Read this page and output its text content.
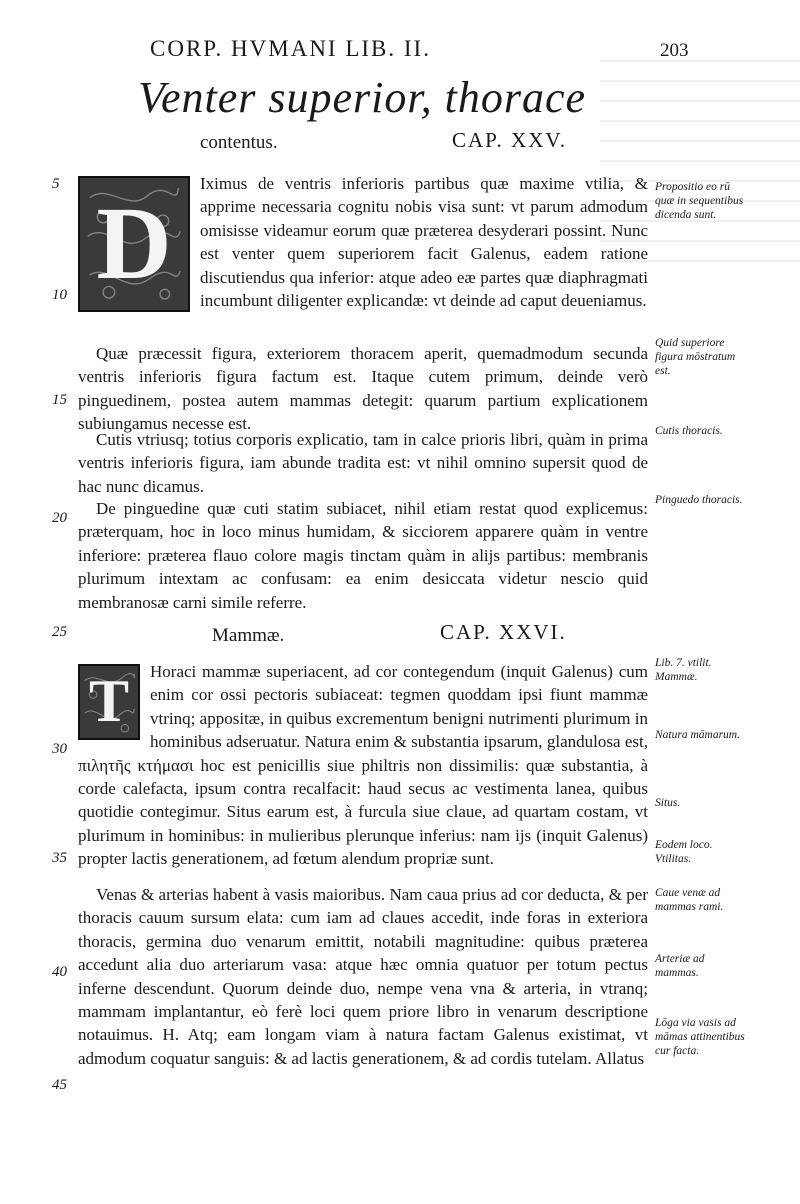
CORP. HVMANI LIB. II.	203
Venter superior, thorace
contentus.	CAP. XXV.

D
Iximus de ventris inferioris partibus quæ maxime vtilia, & apprime necessaria cognitu nobis visa sunt: vt parum admodum omisisse videamur eorum quæ præterea desyderari possint. Nunc est venter quem superiorem facit Galenus, eadem ratione discutiendus qua inferior: atque adeo eæ partes quæ diaphragmati incumbunt diligenter explicandæ: vt deinde ad caput deueniamus.

Quæ præcessit figura, exteriorem thoracem aperit, quemadmodum secunda ventris inferioris figura factum est. Itaque cutem primum, deinde verò pinguedinem, postea autem mammas detegit: quarum partium explicationem subiungamus necesse est.

Cutis vtriusq; totius corporis explicatio, tam in calce prioris libri, quàm in prima ventris inferioris figura, iam abunde tradita est: vt nihil omnino supersit quod de hac nunc dicamus.

De pinguedine quæ cuti statim subiacet, nihil etiam restat quod explicemus: præterquam, hoc in loco minus humidam, & sicciorem apparere quàm in ventre inferiore: præterea flauo colore magis tinctam quàm in alijs partibus: membranis plurimum intextam ac confusam: ea enim desiccata videtur nescio quid membranosæ carni simile referre.

Mammæ.	CAP. XXVI.

T	Horaci mammæ superiacent, ad cor contegendum (inquit Galenus) cum enim cor ossi pectoris subiaceat: tegmen quoddam ipsi fiunt mammæ vtrinq; appositæ, in quibus excrementum benigni nutrimenti plurimum in hominibus adseruatur. Natura enim & substantia ipsarum, glandulosa est, πιλητῆς κτήμασι hoc est penicillis siue philtris non dissimilis: quæ substantia, à corde calefacta, ipsum contra recalfacit: haud secus ac vestimenta lanea, quibus quotidie contegimur. Situs earum est, à furcula siue claue, ad quartam costam, vt plurimum in hominibus: in mulieribus plerunque inferius: nam ijs (inquit Galenus) propter lactis generationem, ad fœtum alendum propriæ sunt.

Venas & arterias habent à vasis maioribus. Nam caua prius ad cor deducta, & per thoracis cauum sursum elata: cum iam ad claues accedit, inde foras in exteriora thoracis, germina duo venarum emittit, notabili magnitudine: quibus præterea accedunt alia duo arteriarum vasa: atque hæc omnia quatuor per totum pectus inferne descendunt. Quorum deinde duo, nempe vena vna & arteria, in vtranq; mammam implantantur, eò ferè loci quem priore libro in venarum descriptione notauimus. H. Atq; eam longam viam à natura factam Galenus existimat, vt admodum coquatur sanguis: & ad lactis generationem, & ad cordis tutelam. Allatus

5
10
15
20
25
30
35
40
45
Propositio eo rū quæ in sequentibus dicenda sunt.
Quid superiore figura mōstratum est.
Cutis thoracis.
Pinguedo thoracis.
Lib. 7. vtilit. Mammæ.
Natura māmarum.
Situs.
Eodem loco. Vtilitas.
Caue venæ ad mammas rami.
Arteriæ ad mammas.
Lōga via vasis ad māmas attinentibus cur facta.
